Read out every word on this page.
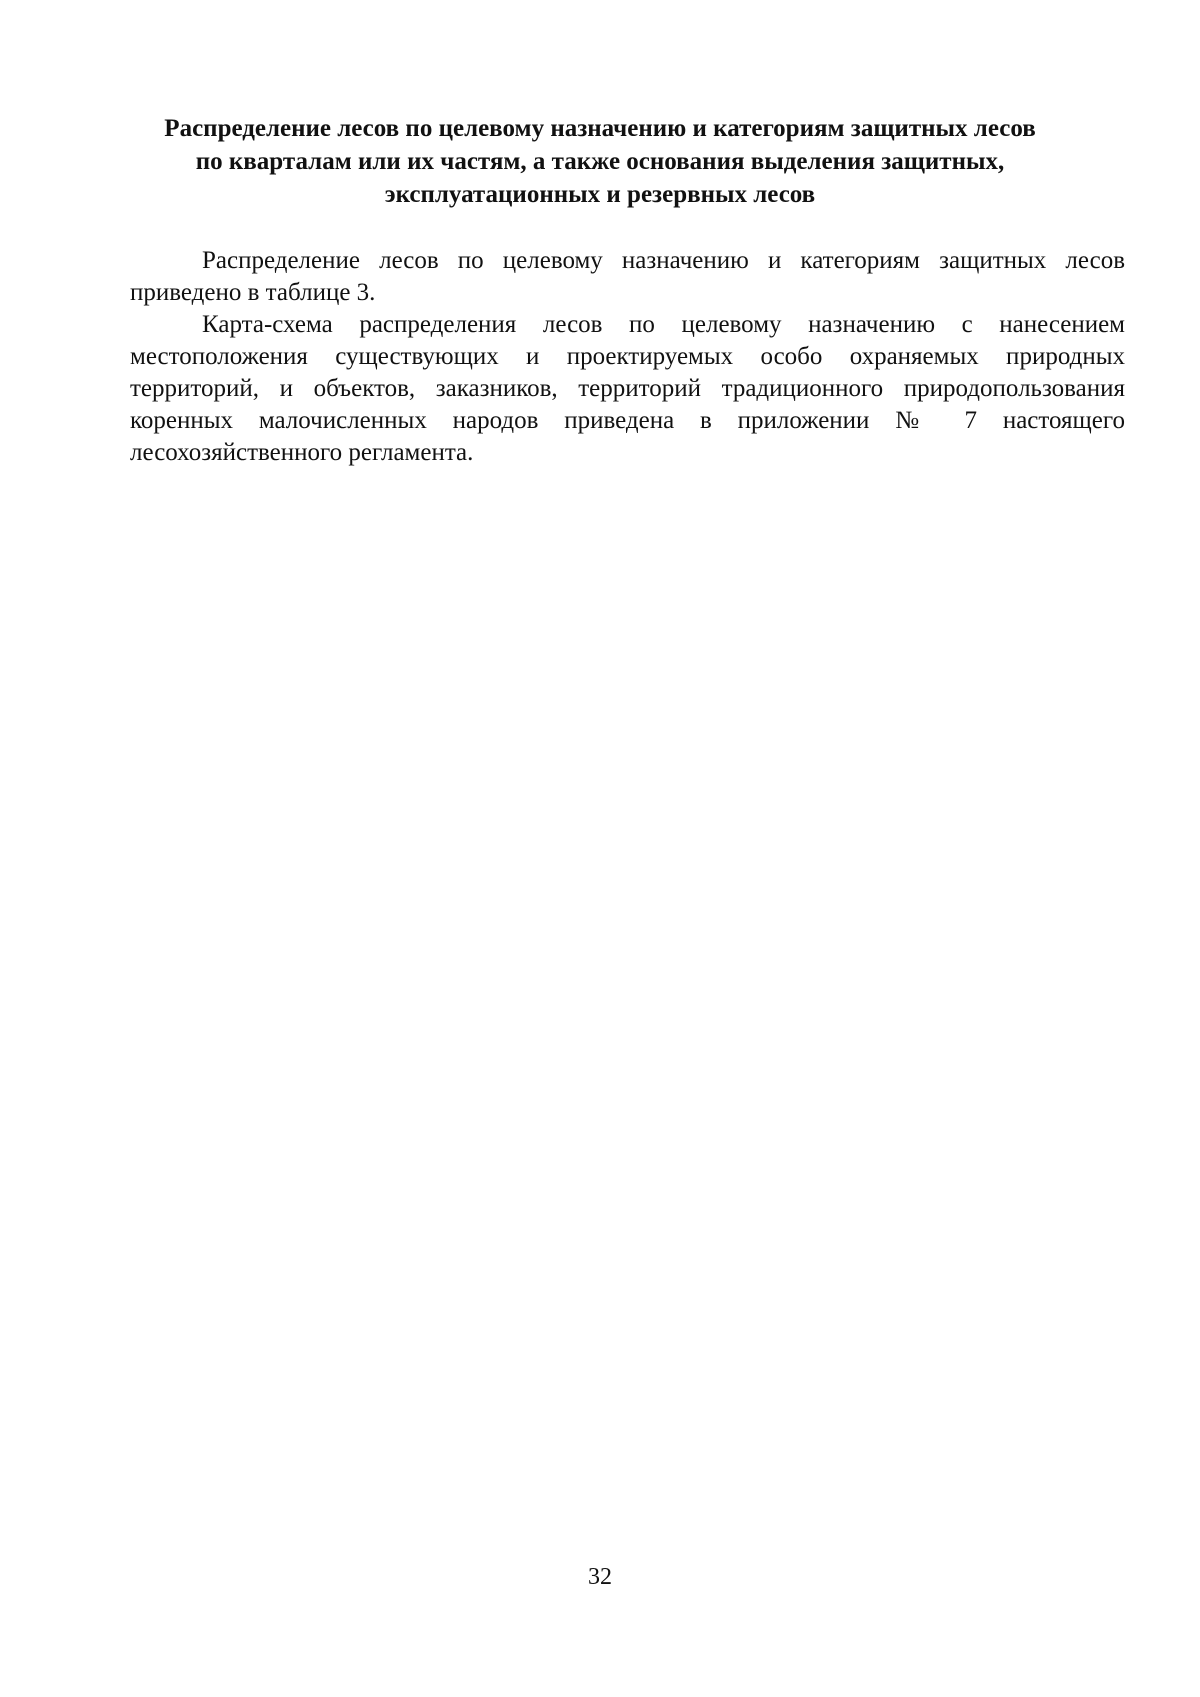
Распределение лесов по целевому назначению и категориям защитных лесов
по кварталам или их частям, а также основания выделения защитных,
эксплуатационных и резервных лесов

Распределение лесов по целевому назначению и категориям защитных лесов приведено в таблице 3.

Карта-схема распределения лесов по целевому назначению с нанесением местоположения существующих и проектируемых особо охраняемых природных территорий, и объектов, заказников, территорий традиционного природопользования коренных малочисленных народов приведена в приложении № 7 настоящего лесохозяйственного регламента.

32
